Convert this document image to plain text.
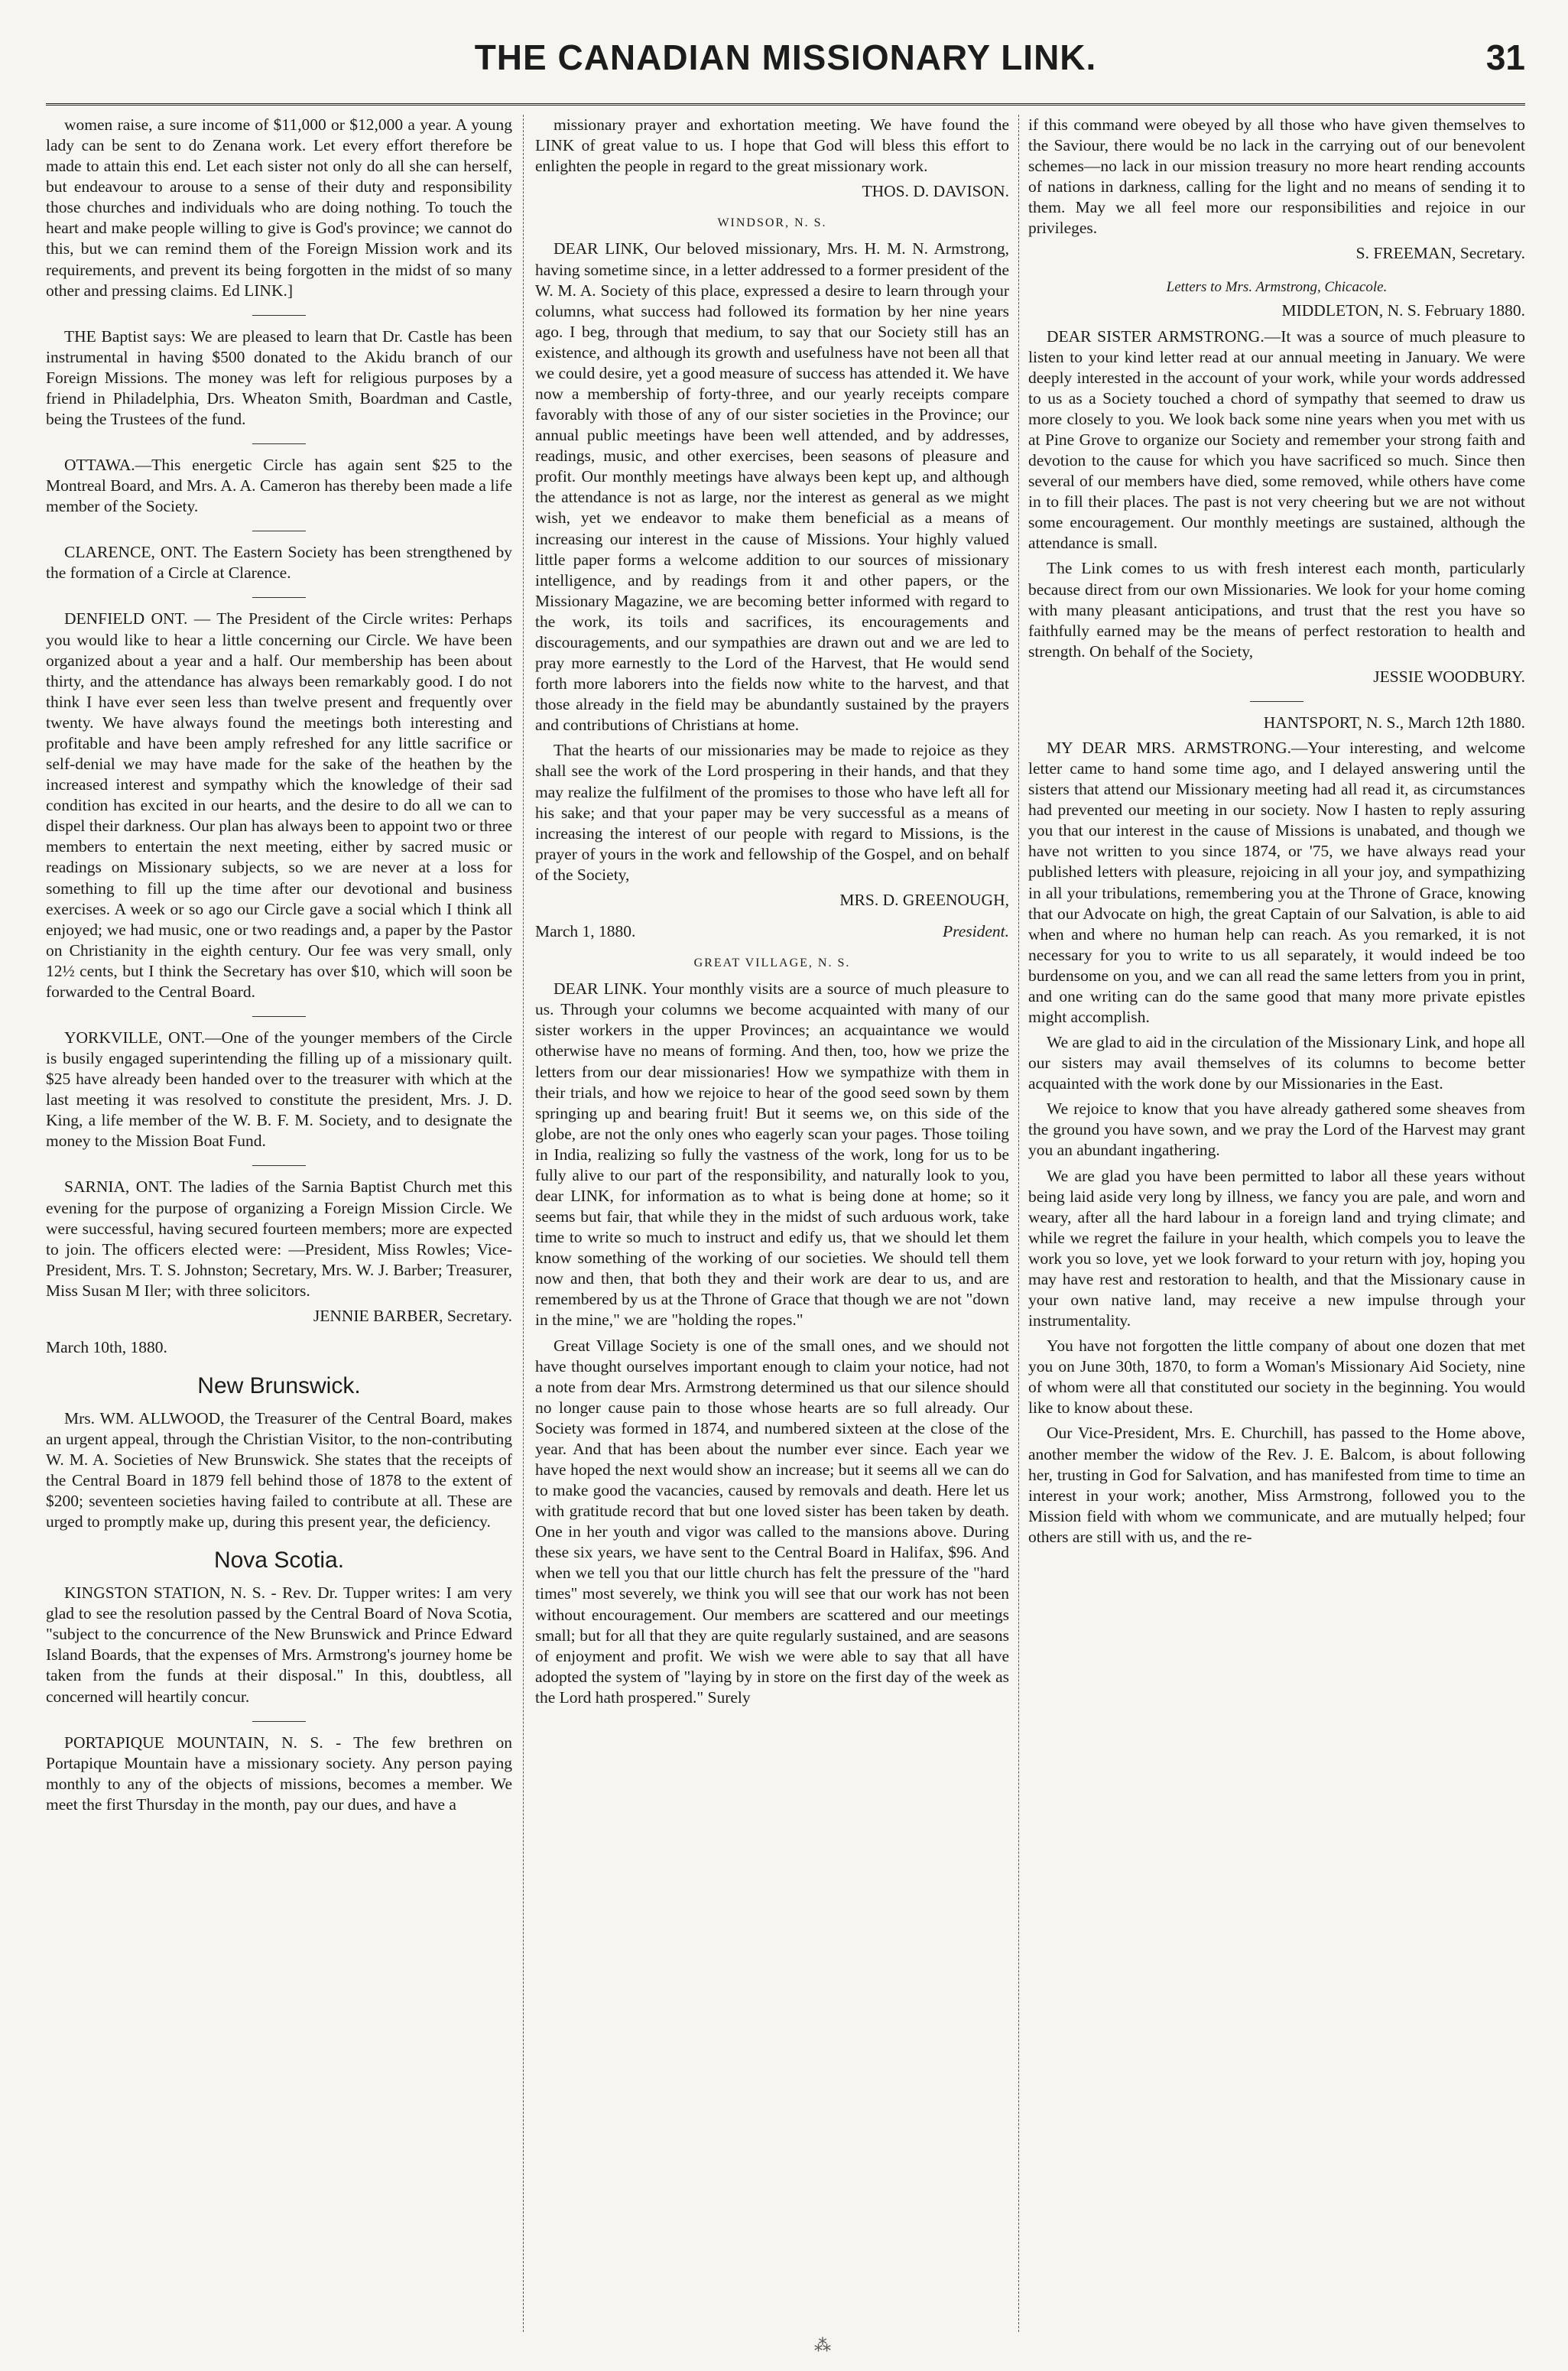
THE CANADIAN MISSIONARY LINK.	31

women raise, a sure income of $11,000 or $12,000 a year. A young lady can be sent to do Zenana work. Let every effort therefore be made to attain this end. Let each sister not only do all she can herself, but endeavour to arouse to a sense of their duty and responsibility those churches and individuals who are doing nothing. To touch the heart and make people willing to give is God's province; we cannot do this, but we can remind them of the Foreign Mission work and its requirements, and prevent its being forgotten in the midst of so many other and pressing claims. Ed LINK.]

THE Baptist says: We are pleased to learn that Dr. Castle has been instrumental in having $500 donated to the Akidu branch of our Foreign Missions. The money was left for religious purposes by a friend in Philadelphia, Drs. Wheaton Smith, Boardman and Castle, being the Trustees of the fund.

OTTAWA.—This energetic Circle has again sent $25 to the Montreal Board, and Mrs. A. A. Cameron has thereby been made a life member of the Society.

CLARENCE, ONT. The Eastern Society has been strengthened by the formation of a Circle at Clarence.

DENFIELD ONT. — The President of the Circle writes: Perhaps you would like to hear a little concerning our Circle. We have been organized about a year and a half. Our membership has been about thirty, and the attendance has always been remarkably good. I do not think I have ever seen less than twelve present and frequently over twenty. We have always found the meetings both interesting and profitable and have been amply refreshed for any little sacrifice or self-denial we may have made for the sake of the heathen by the increased interest and sympathy which the knowledge of their sad condition has excited in our hearts, and the desire to do all we can to dispel their darkness. Our plan has always been to appoint two or three members to entertain the next meeting, either by sacred music or readings on Missionary subjects, so we are never at a loss for something to fill up the time after our devotional and business exercises. A week or so ago our Circle gave a social which I think all enjoyed; we had music, one or two readings and, a paper by the Pastor on Christianity in the eighth century. Our fee was very small, only 12½ cents, but I think the Secretary has over $10, which will soon be forwarded to the Central Board.

YORKVILLE, ONT.—One of the younger members of the Circle is busily engaged superintending the filling up of a missionary quilt. $25 have already been handed over to the treasurer with which at the last meeting it was resolved to constitute the president, Mrs. J. D. King, a life member of the W. B. F. M. Society, and to designate the money to the Mission Boat Fund.

SARNIA, ONT. The ladies of the Sarnia Baptist Church met this evening for the purpose of organizing a Foreign Mission Circle. We were successful, having secured fourteen members; more are expected to join. The officers elected were: —President, Miss Rowles; Vice-President, Mrs. T. S. Johnston; Secretary, Mrs. W. J. Barber; Treasurer, Miss Susan M Iler; with three solicitors.

JENNIE BARBER, Secretary.
March 10th, 1880.
New Brunswick.

Mrs. WM. ALLWOOD, the Treasurer of the Central Board, makes an urgent appeal, through the Christian Visitor, to the non-contributing W. M. A. Societies of New Brunswick. She states that the receipts of the Central Board in 1879 fell behind those of 1878 to the extent of $200; seventeen societies having failed to contribute at all. These are urged to promptly make up, during this present year, the deficiency.

Nova Scotia.

KINGSTON STATION, N. S. - Rev. Dr. Tupper writes: I am very glad to see the resolution passed by the Central Board of Nova Scotia, "subject to the concurrence of the New Brunswick and Prince Edward Island Boards, that the expenses of Mrs. Armstrong's journey home be taken from the funds at their disposal." In this, doubtless, all concerned will heartily concur.

PORTAPIQUE MOUNTAIN, N. S. - The few brethren on Portapique Mountain have a missionary society. Any person paying monthly to any of the objects of missions, becomes a member. We meet the first Thursday in the month, pay our dues, and have a

missionary prayer and exhortation meeting. We have found the LINK of great value to us. I hope that God will bless this effort to enlighten the people in regard to the great missionary work.

THOS. D. DAVISON.
WINDSOR, N. S.

DEAR LINK, Our beloved missionary, Mrs. H. M. N. Armstrong, having sometime since, in a letter addressed to a former president of the W. M. A. Society of this place, expressed a desire to learn through your columns, what success had followed its formation by her nine years ago. I beg, through that medium, to say that our Society still has an existence, and although its growth and usefulness have not been all that we could desire, yet a good measure of success has attended it. We have now a membership of forty-three, and our yearly receipts compare favorably with those of any of our sister societies in the Province; our annual public meetings have been well attended, and by addresses, readings, music, and other exercises, been seasons of pleasure and profit. Our monthly meetings have always been kept up, and although the attendance is not as large, nor the interest as general as we might wish, yet we endeavor to make them beneficial as a means of increasing our interest in the cause of Missions. Your highly valued little paper forms a welcome addition to our sources of missionary intelligence, and by readings from it and other papers, or the Missionary Magazine, we are becoming better informed with regard to the work, its toils and sacrifices, its encouragements and discouragements, and our sympathies are drawn out and we are led to pray more earnestly to the Lord of the Harvest, that He would send forth more laborers into the fields now white to the harvest, and that those already in the field may be abundantly sustained by the prayers and contributions of Christians at home.

That the hearts of our missionaries may be made to rejoice as they shall see the work of the Lord prospering in their hands, and that they may realize the fulfilment of the promises to those who have left all for his sake; and that your paper may be very successful as a means of increasing the interest of our people with regard to Missions, is the prayer of yours in the work and fellowship of the Gospel, and on behalf of the Society,

MRS. D. GREENOUGH,
March 1, 1880.	President.
GREAT VILLAGE, N. S.

DEAR LINK. Your monthly visits are a source of much pleasure to us. Through your columns we become acquainted with many of our sister workers in the upper Provinces; an acquaintance we would otherwise have no means of forming. And then, too, how we prize the letters from our dear missionaries! How we sympathize with them in their trials, and how we rejoice to hear of the good seed sown by them springing up and bearing fruit! But it seems we, on this side of the globe, are not the only ones who eagerly scan your pages. Those toiling in India, realizing so fully the vastness of the work, long for us to be fully alive to our part of the responsibility, and naturally look to you, dear LINK, for information as to what is being done at home; so it seems but fair, that while they in the midst of such arduous work, take time to write so much to instruct and edify us, that we should let them know something of the working of our societies. We should tell them now and then, that both they and their work are dear to us, and are remembered by us at the Throne of Grace that though we are not "down in the mine," we are "holding the ropes."

Great Village Society is one of the small ones, and we should not have thought ourselves important enough to claim your notice, had not a note from dear Mrs. Armstrong determined us that our silence should no longer cause pain to those whose hearts are so full already. Our Society was formed in 1874, and numbered sixteen at the close of the year. And that has been about the number ever since. Each year we have hoped the next would show an increase; but it seems all we can do to make good the vacancies, caused by removals and death. Here let us with gratitude record that but one loved sister has been taken by death. One in her youth and vigor was called to the mansions above. During these six years, we have sent to the Central Board in Halifax, $96. And when we tell you that our little church has felt the pressure of the "hard times" most severely, we think you will see that our work has not been without encouragement. Our members are scattered and our meetings small; but for all that they are quite regularly sustained, and are seasons of enjoyment and profit. We wish we were able to say that all have adopted the system of "laying by in store on the first day of the week as the Lord hath prospered." Surely

if this command were obeyed by all those who have given themselves to the Saviour, there would be no lack in the carrying out of our benevolent schemes—no lack in our mission treasury no more heart rending accounts of nations in darkness, calling for the light and no means of sending it to them. May we all feel more our responsibilities and rejoice in our privileges.

S. FREEMAN, Secretary.
Letters to Mrs. Armstrong, Chicacole.
MIDDLETON, N. S. February 1880.

DEAR SISTER ARMSTRONG.—It was a source of much pleasure to listen to your kind letter read at our annual meeting in January. We were deeply interested in the account of your work, while your words addressed to us as a Society touched a chord of sympathy that seemed to draw us more closely to you. We look back some nine years when you met with us at Pine Grove to organize our Society and remember your strong faith and devotion to the cause for which you have sacrificed so much. Since then several of our members have died, some removed, while others have come in to fill their places. The past is not very cheering but we are not without some encouragement. Our monthly meetings are sustained, although the attendance is small.

The Link comes to us with fresh interest each month, particularly because direct from our own Missionaries. We look for your home coming with many pleasant anticipations, and trust that the rest you have so faithfully earned may be the means of perfect restoration to health and strength. On behalf of the Society,

JESSIE WOODBURY.
HANTSPORT, N. S., March 12th 1880.

MY DEAR MRS. ARMSTRONG.—Your interesting, and welcome letter came to hand some time ago, and I delayed answering until the sisters that attend our Missionary meeting had all read it, as circumstances had prevented our meeting in our society. Now I hasten to reply assuring you that our interest in the cause of Missions is unabated, and though we have not written to you since 1874, or '75, we have always read your published letters with pleasure, rejoicing in all your joy, and sympathizing in all your tribulations, remembering you at the Throne of Grace, knowing that our Advocate on high, the great Captain of our Salvation, is able to aid when and where no human help can reach. As you remarked, it is not necessary for you to write to us all separately, it would indeed be too burdensome on you, and we can all read the same letters from you in print, and one writing can do the same good that many more private epistles might accomplish.

We are glad to aid in the circulation of the Missionary Link, and hope all our sisters may avail themselves of its columns to become better acquainted with the work done by our Missionaries in the East.

We rejoice to know that you have already gathered some sheaves from the ground you have sown, and we pray the Lord of the Harvest may grant you an abundant ingathering.

We are glad you have been permitted to labor all these years without being laid aside very long by illness, we fancy you are pale, and worn and weary, after all the hard labour in a foreign land and trying climate; and while we regret the failure in your health, which compels you to leave the work you so love, yet we look forward to your return with joy, hoping you may have rest and restoration to health, and that the Missionary cause in your own native land, may receive a new impulse through your instrumentality.

You have not forgotten the little company of about one dozen that met you on June 30th, 1870, to form a Woman's Missionary Aid Society, nine of whom were all that constituted our society in the beginning. You would like to know about these.

Our Vice-President, Mrs. E. Churchill, has passed to the Home above, another member the widow of the Rev. J. E. Balcom, is about following her, trusting in God for Salvation, and has manifested from time to time an interest in your work; another, Miss Armstrong, followed you to the Mission field with whom we communicate, and are mutually helped; four others are still with us, and the re-

⁂
